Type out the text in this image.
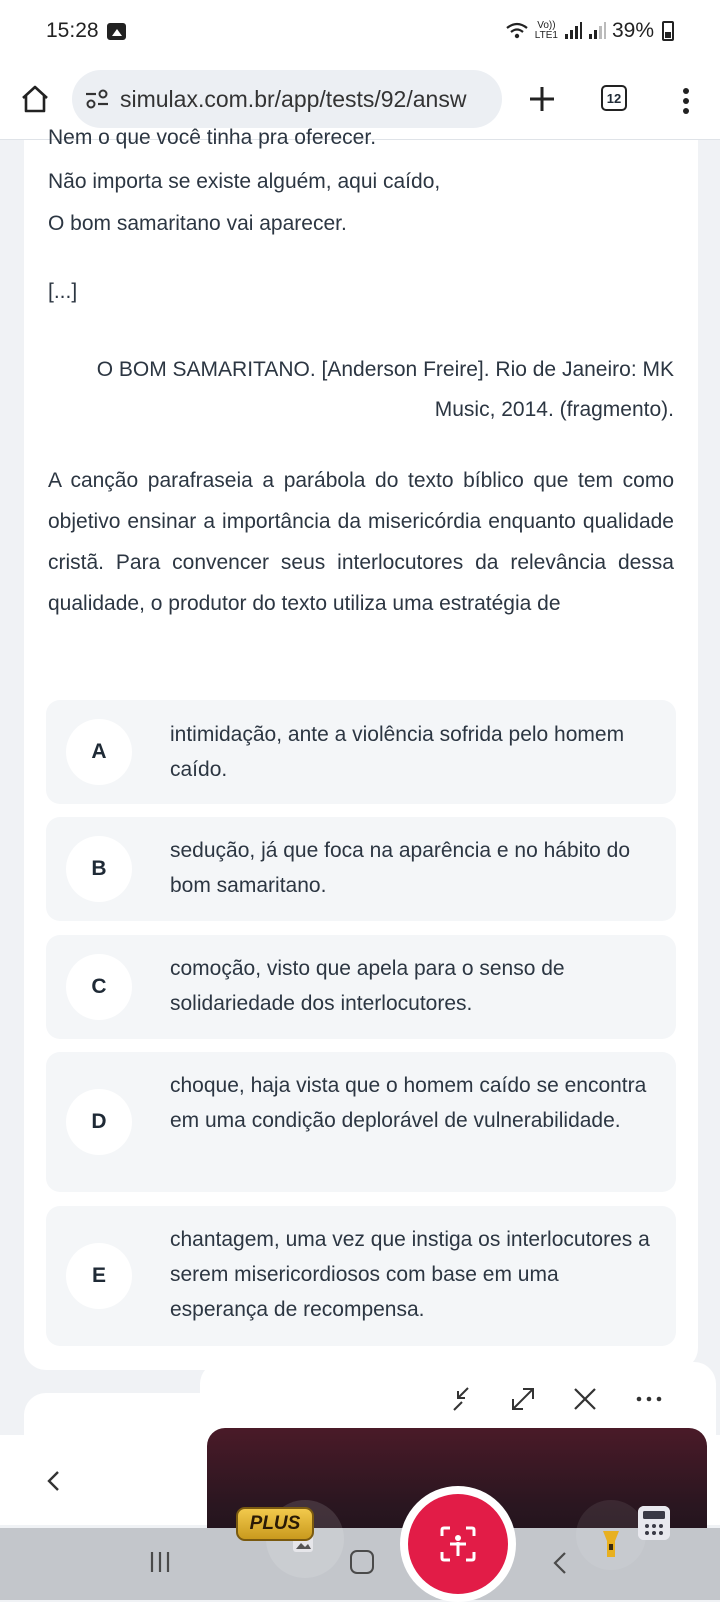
15:28	Vo))
LTE1	39%
simulax.com.br/app/tests/92/answ	12
Nem o que você tinha pra oferecer.
Não importa se existe alguém, aqui caído,
O bom samaritano vai aparecer.
[...]
O BOM SAMARITANO. [Anderson Freire]. Rio de Janeiro: MK Music, 2014. (fragmento).
A canção parafraseia a parábola do texto bíblico que tem como objetivo ensinar a importância da misericórdia enquanto qualidade cristã. Para convencer seus interlocutores da relevância dessa qualidade, o produtor do texto utiliza uma estratégia de
A
intimidação, ante a violência sofrida pelo homem caído.
B
sedução, já que foca na aparência e no hábito do bom samaritano.
C
comoção, visto que apela para o senso de solidariedade dos interlocutores.
D
choque, haja vista que o homem caído se encontra em uma condição deplorável de vulnerabilidade.
E
chantagem, uma vez que instiga os interlocutores a serem misericordiosos com base em uma esperança de recompensa.
PLUS
